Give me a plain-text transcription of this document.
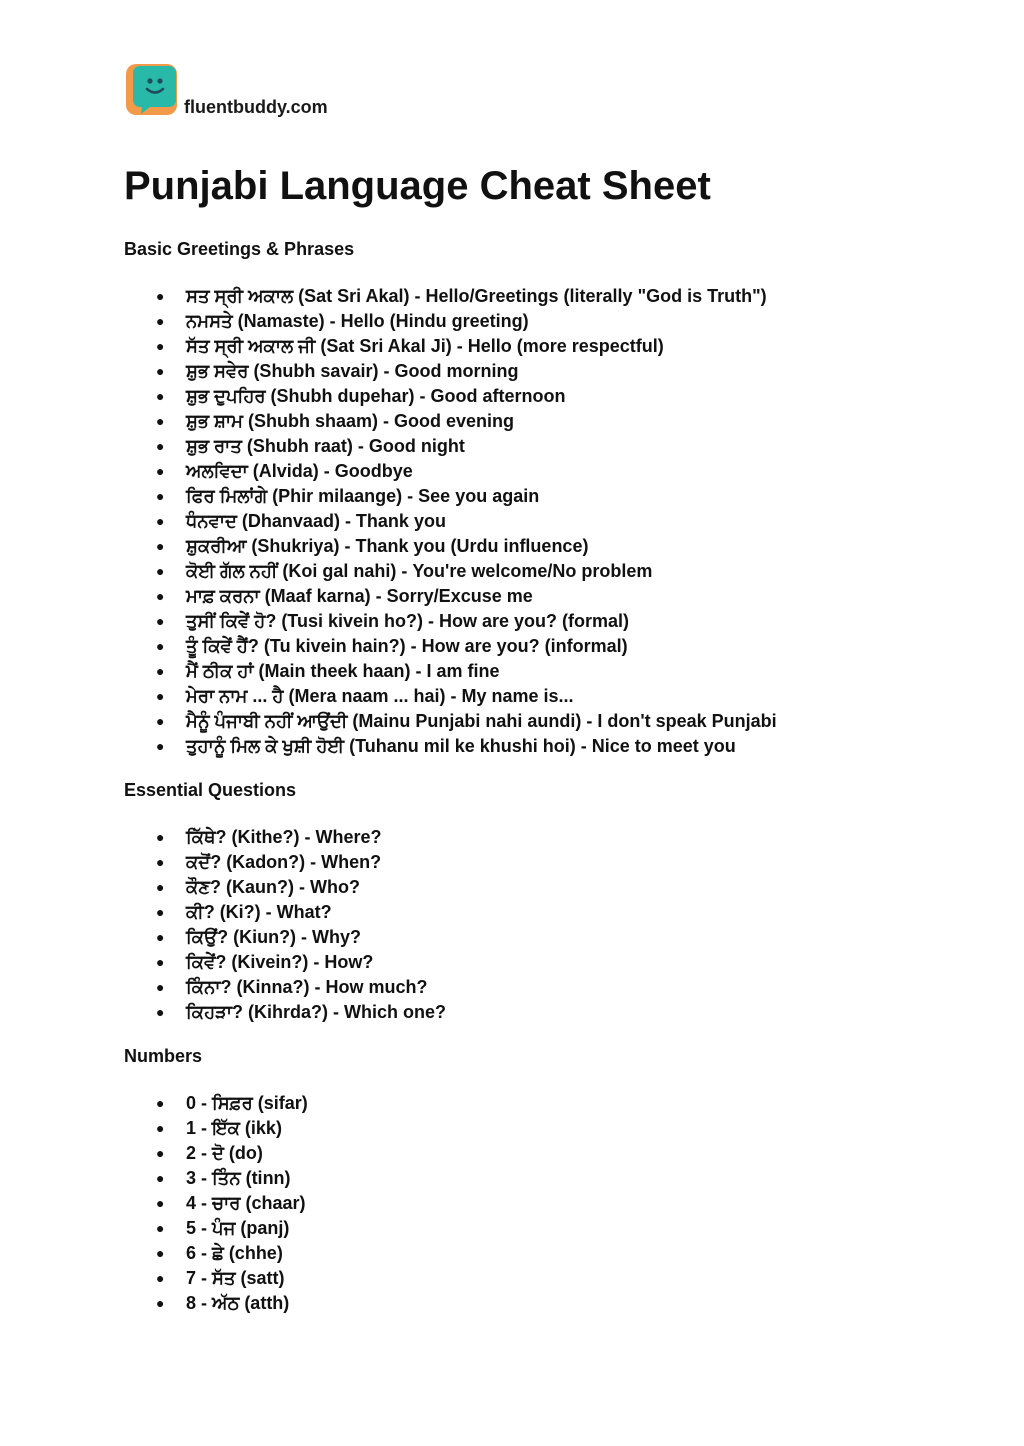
fluentbuddy.com
Punjabi Language Cheat Sheet
Basic Greetings & Phrases
● ਸਤ ਸ੍ਰੀ ਅਕਾਲ (Sat Sri Akal) - Hello/Greetings (literally "God is Truth")
● ਨਮਸਤੇ (Namaste) - Hello (Hindu greeting)
● ਸੱਤ ਸ੍ਰੀ ਅਕਾਲ ਜੀ (Sat Sri Akal Ji) - Hello (more respectful)
● ਸ਼ੁਭ ਸਵੇਰ (Shubh savair) - Good morning
● ਸ਼ੁਭ ਦੁਪਹਿਰ (Shubh dupehar) - Good afternoon
● ਸ਼ੁਭ ਸ਼ਾਮ (Shubh shaam) - Good evening
● ਸ਼ੁਭ ਰਾਤ (Shubh raat) - Good night
● ਅਲਵਿਦਾ (Alvida) - Goodbye
● ਫਿਰ ਮਿਲਾਂਗੇ (Phir milaange) - See you again
● ਧੰਨਵਾਦ (Dhanvaad) - Thank you
● ਸ਼ੁਕਰੀਆ (Shukriya) - Thank you (Urdu influence)
● ਕੋਈ ਗੱਲ ਨਹੀਂ (Koi gal nahi) - You're welcome/No problem
● ਮਾਫ਼ ਕਰਨਾ (Maaf karna) - Sorry/Excuse me
● ਤੁਸੀਂ ਕਿਵੇਂ ਹੋ? (Tusi kivein ho?) - How are you? (formal)
● ਤੂੰ ਕਿਵੇਂ ਹੈਂ? (Tu kivein hain?) - How are you? (informal)
● ਮੈਂ ਠੀਕ ਹਾਂ (Main theek haan) - I am fine
● ਮੇਰਾ ਨਾਮ ... ਹੈ (Mera naam ... hai) - My name is...
● ਮੈਨੂੰ ਪੰਜਾਬੀ ਨਹੀਂ ਆਉਂਦੀ (Mainu Punjabi nahi aundi) - I don't speak Punjabi
● ਤੁਹਾਨੂੰ ਮਿਲ ਕੇ ਖੁਸ਼ੀ ਹੋਈ (Tuhanu mil ke khushi hoi) - Nice to meet you
Essential Questions
● ਕਿੱਥੇ? (Kithe?) - Where?
● ਕਦੋਂ? (Kadon?) - When?
● ਕੌਣ? (Kaun?) - Who?
● ਕੀ? (Ki?) - What?
● ਕਿਉਂ? (Kiun?) - Why?
● ਕਿਵੇਂ? (Kivein?) - How?
● ਕਿੰਨਾ? (Kinna?) - How much?
● ਕਿਹੜਾ? (Kihrda?) - Which one?
Numbers
● 0 - ਸਿਫ਼ਰ (sifar)
● 1 - ਇੱਕ (ikk)
● 2 - ਦੋ (do)
● 3 - ਤਿੰਨ (tinn)
● 4 - ਚਾਰ (chaar)
● 5 - ਪੰਜ (panj)
● 6 - ਛੇ (chhe)
● 7 - ਸੱਤ (satt)
● 8 - ਅੱਠ (atth)
